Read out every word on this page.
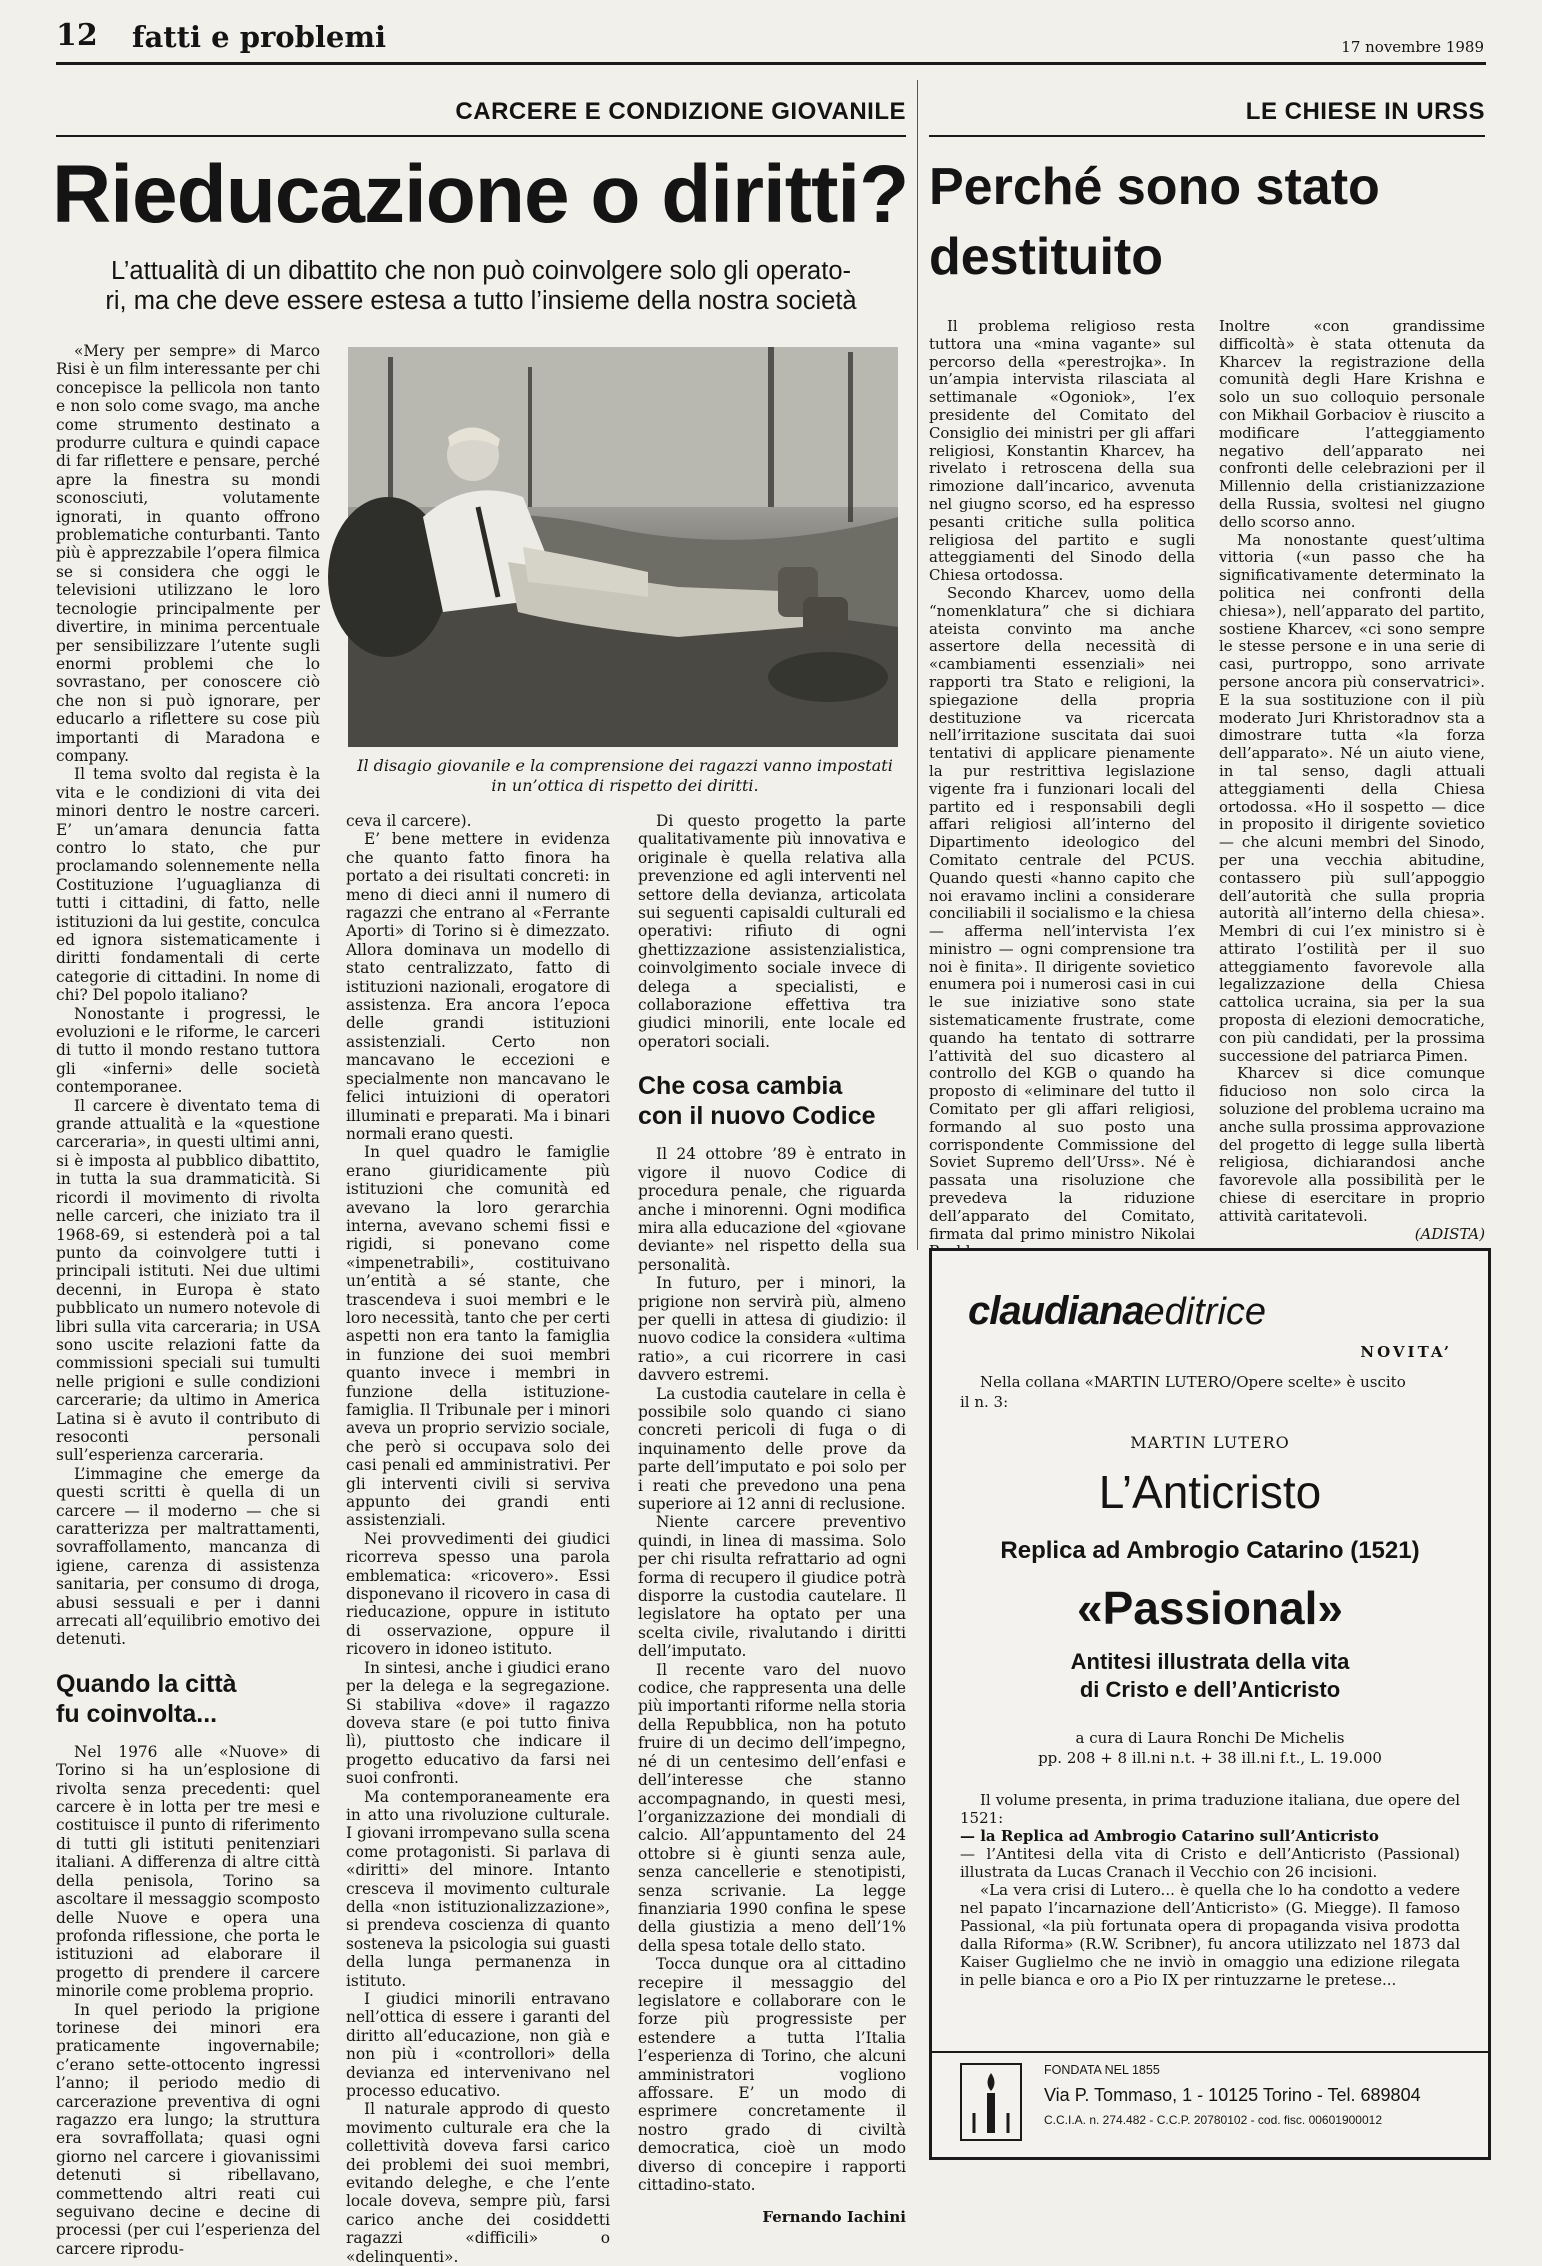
12 fatti e problemi	17 novembre 1989
CARCERE E CONDIZIONE GIOVANILE	LE CHIESE IN URSS
Rieducazione o diritti?
L’attualità di un dibattito che non può coinvolgere solo gli operato-
ri, ma che deve essere estesa a tutto l’insieme della nostra società
Il disagio giovanile e la comprensione dei ragazzi vanno impostati
in un’ottica di rispetto dei diritti.

«Mery per sempre» di Marco Risi è un film interessante per chi concepisce la pellicola non tanto e non solo come svago, ma anche come strumento destinato a produrre cultura e quindi capace di far riflettere e pensare, perché apre la finestra su mondi sconosciuti, volutamente ignorati, in quanto offrono problematiche conturbanti. Tanto più è apprezzabile l’opera filmica se si considera che oggi le televisioni utilizzano le loro tecnologie principalmente per divertire, in minima percentuale per sensibilizzare l’utente sugli enormi problemi che lo sovrastano, per conoscere ciò che non si può ignorare, per educarlo a riflettere su cose più importanti di Maradona e company.

Il tema svolto dal regista è la vita e le condizioni di vita dei minori dentro le nostre carceri. E’ un’amara denuncia fatta contro lo stato, che pur proclamando solennemente nella Costituzione l’uguaglianza di tutti i cittadini, di fatto, nelle istituzioni da lui gestite, conculca ed ignora sistematicamente i diritti fondamentali di certe categorie di cittadini. In nome di chi? Del popolo italiano?

Nonostante i progressi, le evoluzioni e le riforme, le carceri di tutto il mondo restano tuttora gli «inferni» delle società contemporanee.

Il carcere è diventato tema di grande attualità e la «questione carceraria», in questi ultimi anni, si è imposta al pubblico dibattito, in tutta la sua drammaticità. Si ricordi il movimento di rivolta nelle carceri, che iniziato tra il 1968-69, si estenderà poi a tal punto da coinvolgere tutti i principali istituti. Nei due ultimi decenni, in Europa è stato pubblicato un numero notevole di libri sulla vita carceraria; in USA sono uscite relazioni fatte da commissioni speciali sui tumulti nelle prigioni e sulle condizioni carcerarie; da ultimo in America Latina si è avuto il contributo di resoconti personali sull’esperienza carceraria.

L’immagine che emerge da questi scritti è quella di un carcere — il moderno — che si caratterizza per maltrattamenti, sovraffollamento, mancanza di igiene, carenza di assistenza sanitaria, per consumo di droga, abusi sessuali e per i danni arrecati all’equilibrio emotivo dei detenuti.

Quando la città
fu coinvolta...

Nel 1976 alle «Nuove» di Torino si ha un’esplosione di rivolta senza precedenti: quel carcere è in lotta per tre mesi e costituisce il punto di riferimento di tutti gli istituti penitenziari italiani. A differenza di altre città della penisola, Torino sa ascoltare il messaggio scomposto delle Nuove e opera una profonda riflessione, che porta le istituzioni ad elaborare il progetto di prendere il carcere minorile come problema proprio.

In quel periodo la prigione torinese dei minori era praticamente ingovernabile; c’erano sette-ottocento ingressi l’anno; il periodo medio di carcerazione preventiva di ogni ragazzo era lungo; la struttura era sovraffollata; quasi ogni giorno nel carcere i giovanissimi detenuti si ribellavano, commettendo altri reati cui seguivano decine e decine di processi (per cui l’esperienza del carcere riprodu-

ceva il carcere).

E’ bene mettere in evidenza che quanto fatto finora ha portato a dei risultati concreti: in meno di dieci anni il numero di ragazzi che entrano al «Ferrante Aporti» di Torino si è dimezzato. Allora dominava un modello di stato centralizzato, fatto di istituzioni nazionali, erogatore di assistenza. Era ancora l’epoca delle grandi istituzioni assistenziali. Certo non mancavano le eccezioni e specialmente non mancavano le felici intuizioni di operatori illuminati e preparati. Ma i binari normali erano questi.

In quel quadro le famiglie erano giuridicamente più istituzioni che comunità ed avevano la loro gerarchia interna, avevano schemi fissi e rigidi, si ponevano come «impenetrabili», costituivano un’entità a sé stante, che trascendeva i suoi membri e le loro necessità, tanto che per certi aspetti non era tanto la famiglia in funzione dei suoi membri quanto invece i membri in funzione della istituzione-famiglia. Il Tribunale per i minori aveva un proprio servizio sociale, che però si occupava solo dei casi penali ed amministrativi. Per gli interventi civili si serviva appunto dei grandi enti assistenziali.

Nei provvedimenti dei giudici ricorreva spesso una parola emblematica: «ricovero». Essi disponevano il ricovero in casa di rieducazione, oppure in istituto di osservazione, oppure il ricovero in idoneo istituto.

In sintesi, anche i giudici erano per la delega e la segregazione. Si stabiliva «dove» il ragazzo doveva stare (e poi tutto finiva lì), piuttosto che indicare il progetto educativo da farsi nei suoi confronti.

Ma contemporaneamente era in atto una rivoluzione culturale. I giovani irrompevano sulla scena come protagonisti. Si parlava di «diritti» del minore. Intanto cresceva il movimento culturale della «non istituzionalizzazione», si prendeva coscienza di quanto sosteneva la psicologia sui guasti della lunga permanenza in istituto.

I giudici minorili entravano nell’ottica di essere i garanti del diritto all’educazione, non già e non più i «controllori» della devianza ed intervenivano nel processo educativo.

Il naturale approdo di questo movimento culturale era che la collettività doveva farsi carico dei problemi dei suoi membri, evitando deleghe, e che l’ente locale doveva, sempre più, farsi carico anche dei cosiddetti ragazzi «difficili» o «delinquenti».

Di questo progetto la parte qualitativamente più innovativa e originale è quella relativa alla prevenzione ed agli interventi nel settore della devianza, articolata sui seguenti capisaldi culturali ed operativi: rifiuto di ogni ghettizzazione assistenzialistica, coinvolgimento sociale invece di delega a specialisti, e collaborazione effettiva tra giudici minorili, ente locale ed operatori sociali.

Che cosa cambia
con il nuovo Codice

Il 24 ottobre ’89 è entrato in vigore il nuovo Codice di procedura penale, che riguarda anche i minorenni. Ogni modifica mira alla educazione del «giovane deviante» nel rispetto della sua personalità.

In futuro, per i minori, la prigione non servirà più, almeno per quelli in attesa di giudizio: il nuovo codice la considera «ultima ratio», a cui ricorrere in casi davvero estremi.

La custodia cautelare in cella è possibile solo quando ci siano concreti pericoli di fuga o di inquinamento delle prove da parte dell’imputato e poi solo per i reati che prevedono una pena superiore ai 12 anni di reclusione.

Niente carcere preventivo quindi, in linea di massima. Solo per chi risulta refrattario ad ogni forma di recupero il giudice potrà disporre la custodia cautelare. Il legislatore ha optato per una scelta civile, rivalutando i diritti dell’imputato.

Il recente varo del nuovo codice, che rappresenta una delle più importanti riforme nella storia della Repubblica, non ha potuto fruire di un decimo dell’impegno, né di un centesimo dell’enfasi e dell’interesse che stanno accompagnando, in questi mesi, l’organizzazione dei mondiali di calcio. All’appuntamento del 24 ottobre si è giunti senza aule, senza cancellerie e stenotipisti, senza scrivanie. La legge finanziaria 1990 confina le spese della giustizia a meno dell’1% della spesa totale dello stato.

Tocca dunque ora al cittadino recepire il messaggio del legislatore e collaborare con le forze più progressiste per estendere a tutta l’Italia l’esperienza di Torino, che alcuni amministratori vogliono affossare. E’ un modo di esprimere concretamente il nostro grado di civiltà democratica, cioè un modo diverso di concepire i rapporti cittadino-stato.

Fernando Iachini

Perché sono stato
destituito

Il problema religioso resta tuttora una «mina vagante» sul percorso della «perestrojka». In un’ampia intervista rilasciata al settimanale «Ogoniok», l’ex presidente del Comitato del Consiglio dei ministri per gli affari religiosi, Konstantin Kharcev, ha rivelato i retroscena della sua rimozione dall’incarico, avvenuta nel giugno scorso, ed ha espresso pesanti critiche sulla politica religiosa del partito e sugli atteggiamenti del Sinodo della Chiesa ortodossa.

Secondo Kharcev, uomo della “nomenklatura” che si dichiara ateista convinto ma anche assertore della necessità di «cambiamenti essenziali» nei rapporti tra Stato e religioni, la spiegazione della propria destituzione va ricercata nell’irritazione suscitata dai suoi tentativi di applicare pienamente la pur restrittiva legislazione vigente fra i funzionari locali del partito ed i responsabili degli affari religiosi all’interno del Dipartimento ideologico del Comitato centrale del PCUS. Quando questi «hanno capito che noi eravamo inclini a considerare conciliabili il socialismo e la chiesa — afferma nell’intervista l’ex ministro — ogni comprensione tra noi è finita». Il dirigente sovietico enumera poi i numerosi casi in cui le sue iniziative sono state sistematicamente frustrate, come quando ha tentato di sottrarre l’attività del suo dicastero al controllo del KGB o quando ha proposto di «eliminare del tutto il Comitato per gli affari religiosi, formando al suo posto una corrispondente Commissione del Soviet Supremo dell’Urss». Né è passata una risoluzione che prevedeva la riduzione dell’apparato del Comitato, firmata dal primo ministro Nikolai

Inoltre «con grandissime difficoltà» è stata ottenuta da Kharcev la registrazione della comunità degli Hare Krishna e solo un suo colloquio personale con Mikhail Gorbaciov è riuscito a modificare l’atteggiamento negativo dell’apparato nei confronti delle celebrazioni per il Millennio della cristianizzazione della Russia, svoltesi nel giugno dello scorso anno.

Ma nonostante quest’ultima vittoria («un passo che ha significativamente determinato la politica nei confronti della chiesa»), nell’apparato del partito, sostiene Kharcev, «ci sono sempre le stesse persone e in una serie di casi, purtroppo, sono arrivate persone ancora più conservatrici». E la sua sostituzione con il più moderato Juri Khristoradnov sta a dimostrare tutta «la forza dell’apparato». Né un aiuto viene, in tal senso, dagli attuali atteggiamenti della Chiesa ortodossa. «Ho il sospetto — dice in proposito il dirigente sovietico — che alcuni membri del Sinodo, per una vecchia abitudine, contassero più sull’appoggio dell’autorità che sulla propria autorità all’interno della chiesa». Membri di cui l’ex ministro si è attirato l’ostilità per il suo atteggiamento favorevole alla legalizzazione della Chiesa cattolica ucraina, sia per la sua proposta di elezioni democratiche, con più candidati, per la prossima successione del patriarca Pimen.

Kharcev si dice comunque fiducioso non solo circa la soluzione del problema ucraino ma anche sulla prossima approvazione del progetto di legge sulla libertà religiosa, dichiarandosi anche favorevole alla possibilità per le chiese di esercitare in proprio attività caritatevoli.

(ADISTA)

claudianaeditrice
NOVITA’
Nella collana «MARTIN LUTERO/Opere scelte» è uscito
il n. 3:
MARTIN LUTERO
L’Anticristo
Replica ad Ambrogio Catarino (1521)
«Passional»
Antitesi illustrata della vita
di Cristo e dell’Anticristo
a cura di Laura Ronchi De Michelis
pp. 208 + 8 ill.ni n.t. + 38 ill.ni f.t., L. 19.000
Il volume presenta, in prima traduzione italiana, due opere del 1521:
— la Replica ad Ambrogio Catarino sull’Anticristo
— l’Antitesi della vita di Cristo e dell’Anticristo (Passional) illustrata da Lucas Cranach il Vecchio con 26 incisioni.
«La vera crisi di Lutero... è quella che lo ha condotto a vedere nel papato l’incarnazione dell’Anticristo» (G. Miegge). Il famoso Passional, «la più fortunata opera di propaganda visiva prodotta dalla Riforma» (R.W. Scribner), fu ancora utilizzato nel 1873 dal Kaiser Guglielmo che ne inviò in omaggio una edizione rilegata in pelle bianca e oro a Pio IX per rintuzzarne le pretese...
FONDATA NEL 1855
Via P. Tommaso, 1 - 10125 Torino - Tel. 689804
C.C.I.A. n. 274.482 - C.C.P. 20780102 - cod. fisc. 00601900012
